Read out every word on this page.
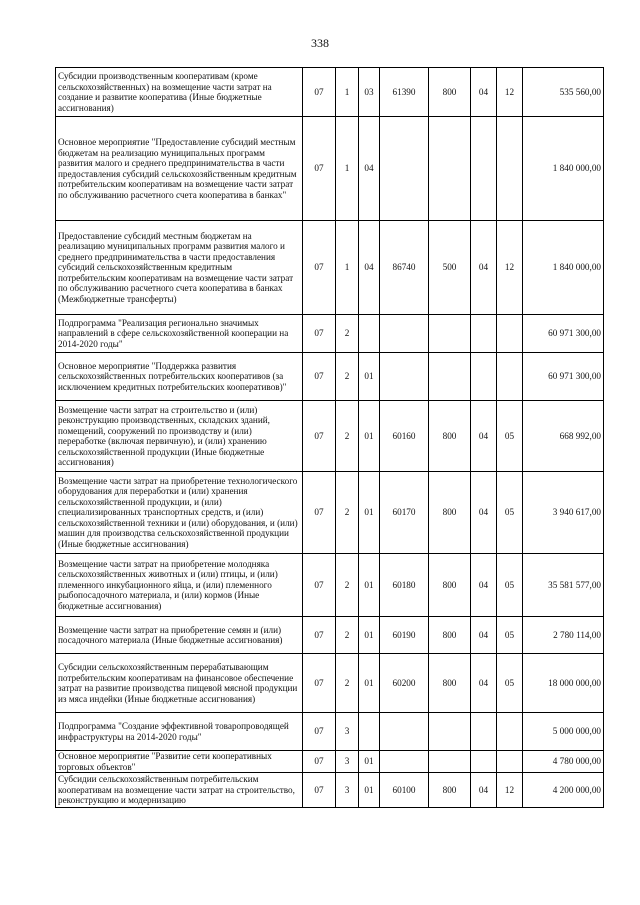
338
Субсидии производственным кооперативам (кроме сельскохозяйственных) на возмещение части затрат на создание и развитие кооператива (Иные бюджетные ассигнования)	07	1	03	61390	800	04	12	535 560,00
Основное мероприятие "Предоставление субсидий местным бюджетам на реализацию муниципальных программ развития малого и среднего предпринимательства в части предоставления субсидий сельскохозяйственным кредитным потребительским кооперативам на возмещение части затрат по обслуживанию расчетного счета кооператива в банках"	07	1	04					1 840 000,00
Предоставление субсидий местным бюджетам на реализацию муниципальных программ развития малого и среднего предпринимательства в части предоставления субсидий сельскохозяйственным кредитным потребительским кооперативам на возмещение части затрат по обслуживанию расчетного счета кооператива в банках (Межбюджетные трансферты)	07	1	04	86740	500	04	12	1 840 000,00
Подпрограмма "Реализация регионально значимых направлений в сфере сельскохозяйственной кооперации на 2014-2020 годы"	07	2						60 971 300,00
Основное мероприятие "Поддержка развития сельскохозяйственных потребительских кооперативов (за исключением кредитных потребительских кооперативов)"	07	2	01					60 971 300,00
Возмещение части затрат на строительство и (или) реконструкцию производственных, складских зданий, помещений, сооружений по производству и (или) переработке (включая первичную), и (или) хранению сельскохозяйственной продукции (Иные бюджетные ассигнования)	07	2	01	60160	800	04	05	668 992,00
Возмещение части затрат на приобретение технологического оборудования для переработки и (или) хранения сельскохозяйственной продукции, и (или) специализированных транспортных средств, и (или) сельскохозяйственной техники и (или) оборудования, и (или) машин для производства сельскохозяйственной продукции (Иные бюджетные ассигнования)	07	2	01	60170	800	04	05	3 940 617,00
Возмещение части затрат на приобретение молодняка сельскохозяйственных животных и (или) птицы, и (или) племенного инкубационного яйца, и (или) племенного рыбопосадочного материала, и (или) кормов (Иные бюджетные ассигнования)	07	2	01	60180	800	04	05	35 581 577,00
Возмещение части затрат на приобретение семян и (или) посадочного материала (Иные бюджетные ассигнования)	07	2	01	60190	800	04	05	2 780 114,00
Субсидии сельскохозяйственным перерабатывающим потребительским кооперативам на финансовое обеспечение затрат на развитие производства пищевой мясной продукции из мяса индейки (Иные бюджетные ассигнования)	07	2	01	60200	800	04	05	18 000 000,00
Подпрограмма "Создание эффективной товаропроводящей инфраструктуры на 2014-2020 годы"	07	3						5 000 000,00
Основное мероприятие "Развитие сети кооперативных торговых объектов"	07	3	01					4 780 000,00
Субсидии сельскохозяйственным потребительским кооперативам на возмещение части затрат на строительство, реконструкцию и модернизацию	07	3	01	60100	800	04	12	4 200 000,00
